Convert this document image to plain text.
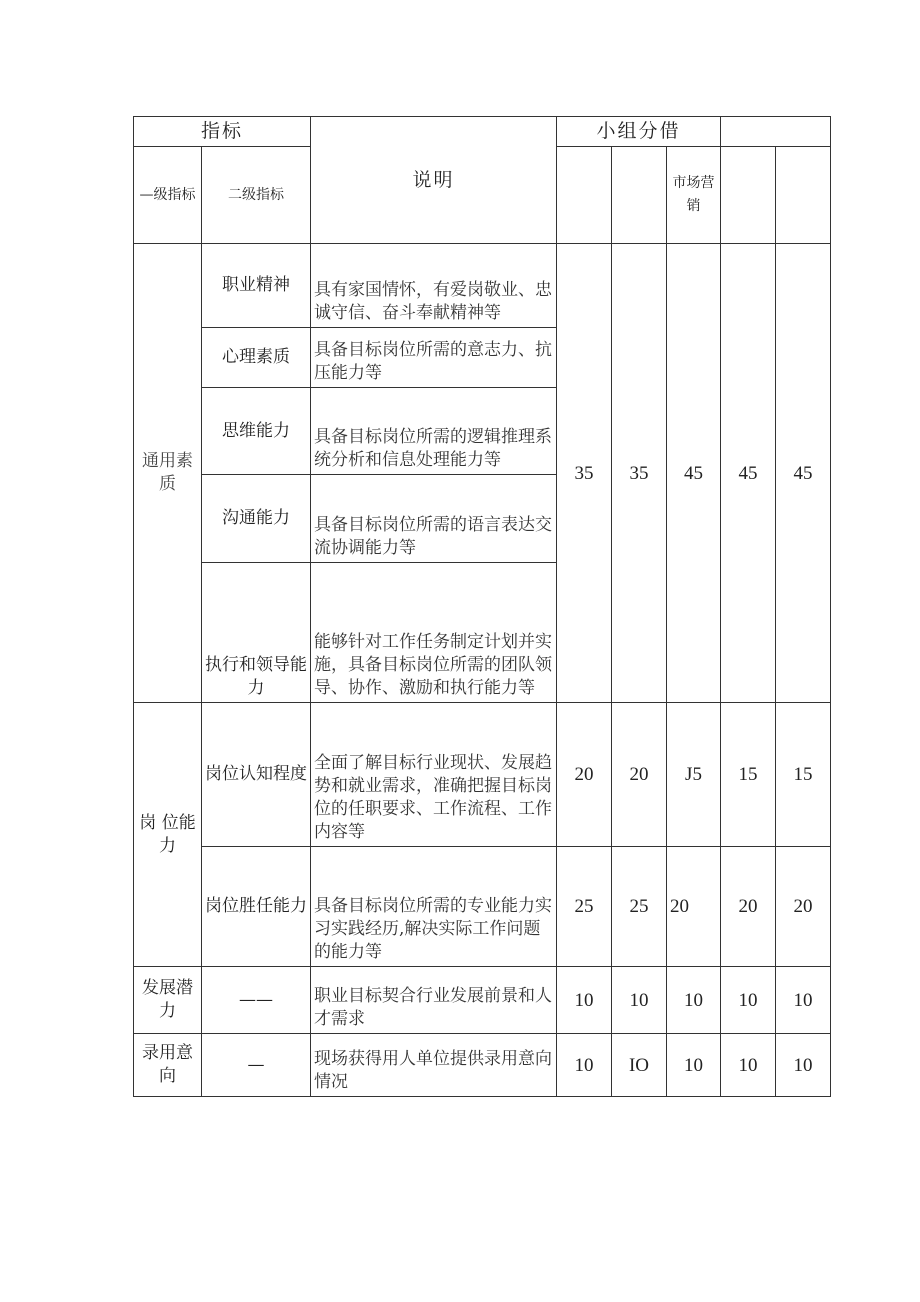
指标		说明	小组分借				
—级指标	二级指标				市场营销		
通用素质	职业精神	具有家国情怀，有爱岗敬业、忠诚守信、奋斗奉献精神等	35	35	45	45	45
	心理素质	具备目标岗位所需的意志力、抗压能力等					
	思维能力	具备目标岗位所需的逻辑推理系统分析和信息处理能力等					
	沟通能力	具备目标岗位所需的语言表达交流协调能力等					
	执行和领导能力	能够针对工作任务制定计划并实施，具备目标岗位所需的团队领导、协作、激励和执行能力等					
岗 位能力	岗位认知程度	全面了解目标行业现状、发展趋势和就业需求，准确把握目标岗位的任职要求、工作流程、工作内容等	20	20	J5	15	15
	岗位胜任能力	具备目标岗位所需的专业能力实习实践经历,解决实际工作问题的能力等	25	25	20	20	20
发展潜力	——	职业目标契合行业发展前景和人才需求	10	10	10	10	10
录用意向	—	现场获得用人单位提供录用意向情况	10	IO	10	10	10
